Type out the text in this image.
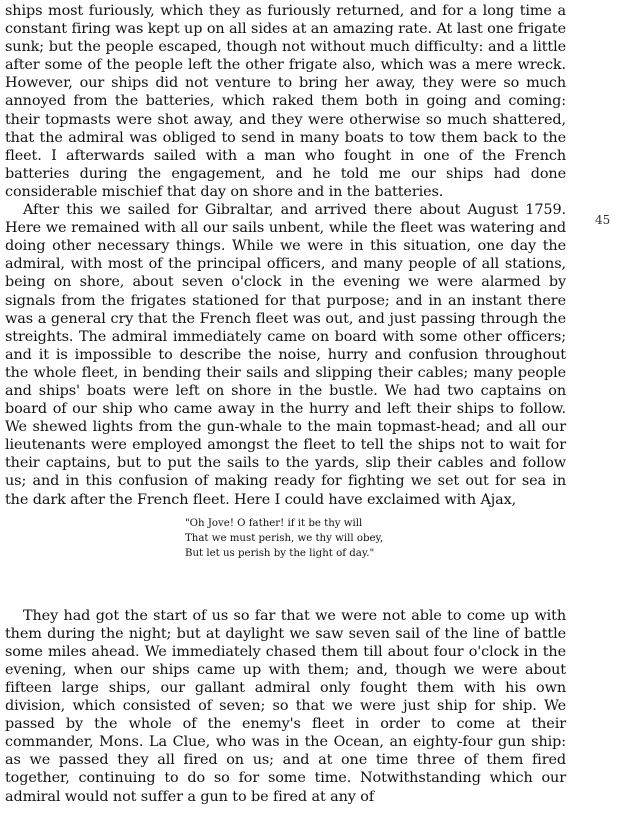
ships most furiously, which they as furiously returned, and for a long time a constant firing was kept up on all sides at an amazing rate. At last one frigate sunk; but the people escaped, though not without much difficulty: and a little after some of the people left the other frigate also, which was a mere wreck. However, our ships did not venture to bring her away, they were so much annoyed from the batteries, which raked them both in going and coming: their topmasts were shot away, and they were otherwise so much shattered, that the admiral was obliged to send in many boats to tow them back to the fleet. I afterwards sailed with a man who fought in one of the French batteries during the engagement, and he told me our ships had done considerable mischief that day on shore and in the batteries.

After this we sailed for Gibraltar, and arrived there about August 1759. Here we remained with all our sails unbent, while the fleet was watering and doing other necessary things. While we were in this situation, one day the admiral, with most of the principal officers, and many people of all stations, being on shore, about seven o'clock in the evening we were alarmed by signals from the frigates stationed for that purpose; and in an instant there was a general cry that the French fleet was out, and just passing through the streights. The admiral immediately came on board with some other officers; and it is impossible to describe the noise, hurry and confusion throughout the whole fleet, in bending their sails and slipping their cables; many people and ships' boats were left on shore in the bustle. We had two captains on board of our ship who came away in the hurry and left their ships to follow. We shewed lights from the gun-whale to the main topmast-head; and all our lieutenants were employed amongst the fleet to tell the ships not to wait for their captains, but to put the sails to the yards, slip their cables and follow us; and in this confusion of making ready for fighting we set out for sea in the dark after the French fleet. Here I could have exclaimed with Ajax,

"Oh Jove! O father! if it be thy will
That we must perish, we thy will obey,
But let us perish by the light of day."

They had got the start of us so far that we were not able to come up with them during the night; but at daylight we saw seven sail of the line of battle some miles ahead. We immediately chased them till about four o'clock in the evening, when our ships came up with them; and, though we were about fifteen large ships, our gallant admiral only fought them with his own division, which consisted of seven; so that we were just ship for ship. We passed by the whole of the enemy's fleet in order to come at their commander, Mons. La Clue, who was in the Ocean, an eighty-four gun ship: as we passed they all fired on us; and at one time three of them fired together, continuing to do so for some time. Notwithstanding which our admiral would not suffer a gun to be fired at any of

45
